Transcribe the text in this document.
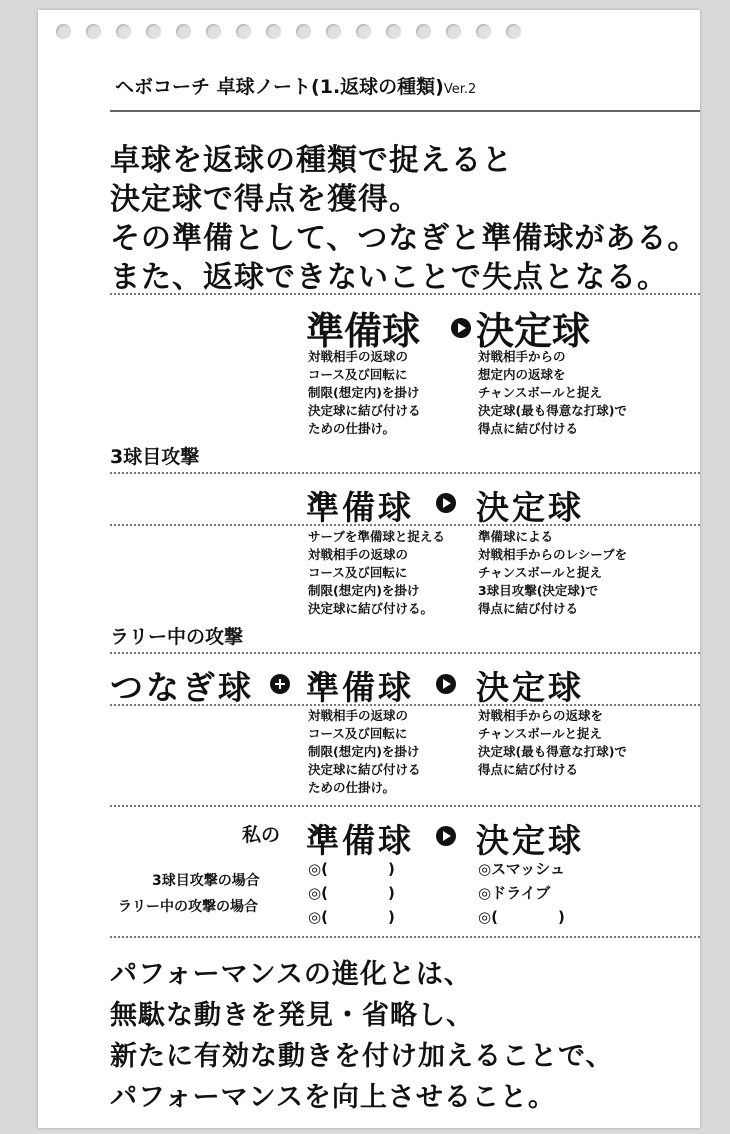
ヘボコーチ 卓球ノート(1.返球の種類)Ver.2
卓球を返球の種類で捉えると
決定球で得点を獲得。
その準備として、つなぎと準備球がある。
また、返球できないことで失点となる。
準備球 決定球
対戦相手の返球の
コース及び回転に
制限(想定内)を掛け
決定球に結び付ける
ための仕掛け。
対戦相手からの
想定内の返球を
チャンスボールと捉え
決定球(最も得意な打球)で
得点に結び付ける
3球目攻撃
準備球 決定球
サーブを準備球と捉える
対戦相手の返球の
コース及び回転に
制限(想定内)を掛け
決定球に結び付ける。
準備球による
対戦相手からのレシーブを
チャンスボールと捉え
3球目攻撃(決定球)で
得点に結び付ける
ラリー中の攻撃
つなぎ球 準備球 決定球
対戦相手の返球の
コース及び回転に
制限(想定内)を掛け
決定球に結び付ける
ための仕掛け。
対戦相手からの返球を
チャンスボールと捉え
決定球(最も得意な打球)で
得点に結び付ける
私の 準備球 決定球
3球目攻撃の場合
ラリー中の攻撃の場合
◎(　　　　)
◎(　　　　)
◎(　　　　)
◎スマッシュ
◎ドライブ
◎(　　　　)
パフォーマンスの進化とは、
無駄な動きを発見・省略し、
新たに有効な動きを付け加えることで、
パフォーマンスを向上させること。
